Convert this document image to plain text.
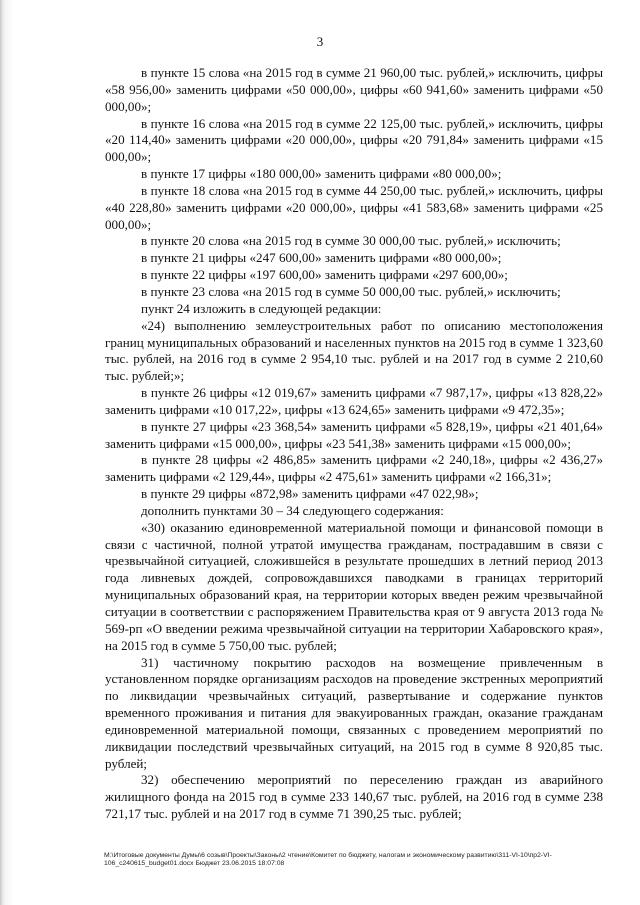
3

в пункте 15 слова «на 2015 год в сумме 21 960,00 тыс. рублей,» исключить, цифры «58 956,00» заменить цифрами «50 000,00», цифры «60 941,60» заменить цифрами «50 000,00»;

в пункте 16 слова «на 2015 год в сумме 22 125,00 тыс. рублей,» исключить, цифры «20 114,40» заменить цифрами «20 000,00», цифры «20 791,84» заменить цифрами «15 000,00»;

в пункте 17 цифры «180 000,00» заменить цифрами «80 000,00»;

в пункте 18 слова «на 2015 год в сумме 44 250,00 тыс. рублей,» исключить, цифры «40 228,80» заменить цифрами «20 000,00», цифры «41 583,68» заменить цифрами «25 000,00»;

в пункте 20 слова «на 2015 год в сумме 30 000,00 тыс. рублей,» исключить;

в пункте 21 цифры «247 600,00» заменить цифрами «80 000,00»;

в пункте 22 цифры «197 600,00» заменить цифрами «297 600,00»;

в пункте 23 слова «на 2015 год в сумме 50 000,00 тыс. рублей,» исключить;

пункт 24 изложить в следующей редакции:

«24) выполнению землеустроительных работ по описанию местоположения границ муниципальных образований и населенных пунктов на 2015 год в сумме 1 323,60 тыс. рублей, на 2016 год в сумме 2 954,10 тыс. рублей и на 2017 год в сумме 2 210,60 тыс. рублей;»;

в пункте 26 цифры «12 019,67» заменить цифрами «7 987,17», цифры «13 828,22» заменить цифрами «10 017,22», цифры «13 624,65» заменить цифрами «9 472,35»;

в пункте 27 цифры «23 368,54» заменить цифрами «5 828,19», цифры «21 401,64» заменить цифрами «15 000,00», цифры «23 541,38» заменить цифрами «15 000,00»;

в пункте 28 цифры «2 486,85» заменить цифрами «2 240,18», цифры «2 436,27» заменить цифрами «2 129,44», цифры «2 475,61» заменить цифрами «2 166,31»;

в пункте 29 цифры «872,98» заменить цифрами «47 022,98»;

дополнить пунктами 30 – 34 следующего содержания:

«30) оказанию единовременной материальной помощи и финансовой помощи в связи с частичной, полной утратой имущества гражданам, пострадавшим в связи с чрезвычайной ситуацией, сложившейся в результате прошедших в летний период 2013 года ливневых дождей, сопровождавшихся паводками в границах территорий муниципальных образований края, на территории которых введен режим чрезвычайной ситуации в соответствии с распоряжением Правительства края от 9 августа 2013 года № 569-рп «О введении режима чрезвычайной ситуации на территории Хабаровского края», на 2015 год в сумме 5 750,00 тыс. рублей;

31) частичному покрытию расходов на возмещение привлеченным в установленном порядке организациям расходов на проведение экстренных мероприятий по ликвидации чрезвычайных ситуаций, развертывание и содержание пунктов временного проживания и питания для эвакуированных граждан, оказание гражданам единовременной материальной помощи, связанных с проведением мероприятий по ликвидации последствий чрезвычайных ситуаций, на 2015 год в сумме 8 920,85 тыс. рублей;

32) обеспечению мероприятий по переселению граждан из аварийного жилищного фонда на 2015 год в сумме 233 140,67 тыс. рублей, на 2016 год в сумме 238 721,17 тыс. рублей и на 2017 год в сумме 71 390,25 тыс. рублей;

M:\Итоговые документы Думы\6 созыв\Проекты\Законы\2 чтение\Комитет по бюджету, налогам и экономическому развитию\311-VI-10\пр2-VI-106_с240615_budget01.docx Бюджет 23.06.2015 18:07:08
